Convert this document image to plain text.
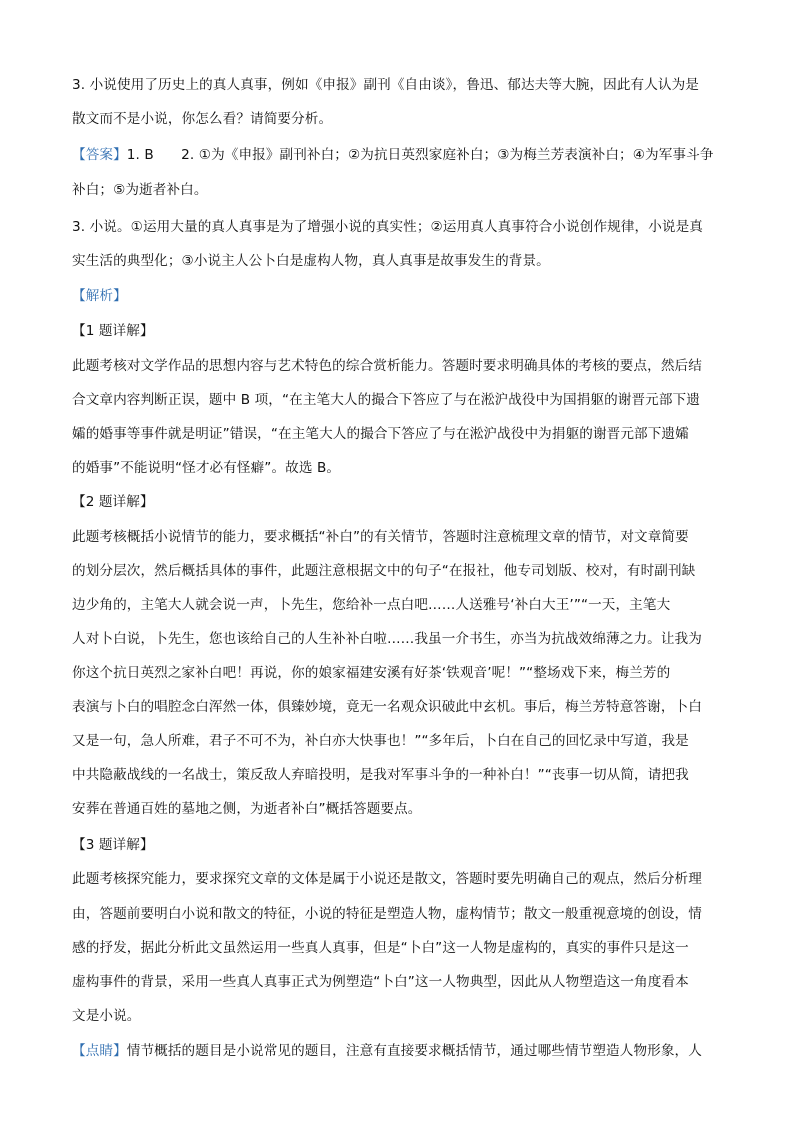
3. 小说使用了历史上的真人真事，例如《申报》副刊《自由谈》，鲁迅、郁达夫等大腕，因此有人认为是
散文而不是小说，你怎么看？请简要分析。
【答案】1. B　　2. ①为《申报》副刊补白；②为抗日英烈家庭补白；③为梅兰芳表演补白；④为军事斗争
补白；⑤为逝者补白。
3. 小说。①运用大量的真人真事是为了增强小说的真实性；②运用真人真事符合小说创作规律，小说是真
实生活的典型化；③小说主人公卜白是虚构人物，真人真事是故事发生的背景。
【解析】
【1 题详解】
此题考核对文学作品的思想内容与艺术特色的综合赏析能力。答题时要求明确具体的考核的要点，然后结
合文章内容判断正误，题中 B 项，“在主笔大人的撮合下答应了与在淞沪战役中为国捐躯的谢晋元部下遗
孀的婚事等事件就是明证”错误，“在主笔大人的撮合下答应了与在淞沪战役中为捐躯的谢晋元部下遗孀
的婚事”不能说明“怪才必有怪癖”。故选 B。
【2 题详解】
此题考核概括小说情节的能力，要求概括“补白”的有关情节，答题时注意梳理文章的情节，对文章简要
的划分层次，然后概括具体的事件，此题注意根据文中的句子“在报社，他专司划版、校对，有时副刊缺
边少角的，主笔大人就会说一声，卜先生，您给补一点白吧……人送雅号‘补白大王’”“一天，主笔大
人对卜白说，卜先生，您也该给自己的人生补补白啦……我虽一介书生，亦当为抗战效绵薄之力。让我为
你这个抗日英烈之家补白吧！再说，你的娘家福建安溪有好茶‘铁观音’呢！”“整场戏下来，梅兰芳的
表演与卜白的唱腔念白浑然一体，俱臻妙境，竟无一名观众识破此中玄机。事后，梅兰芳特意答谢，卜白
又是一句，急人所难，君子不可不为，补白亦大快事也！”“多年后，卜白在自己的回忆录中写道，我是
中共隐蔽战线的一名战士，策反敌人弃暗投明，是我对军事斗争的一种补白！”“丧事一切从简，请把我
安葬在普通百姓的墓地之侧，为逝者补白”概括答题要点。
【3 题详解】
此题考核探究能力，要求探究文章的文体是属于小说还是散文，答题时要先明确自己的观点，然后分析理
由，答题前要明白小说和散文的特征，小说的特征是塑造人物，虚构情节；散文一般重视意境的创设，情
感的抒发，据此分析此文虽然运用一些真人真事，但是“卜白”这一人物是虚构的，真实的事件只是这一
虚构事件的背景，采用一些真人真事正式为例塑造“卜白”这一人物典型，因此从人物塑造这一角度看本
文是小说。
【点睛】情节概括的题目是小说常见的题目，注意有直接要求概括情节，通过哪些情节塑造人物形象，人
